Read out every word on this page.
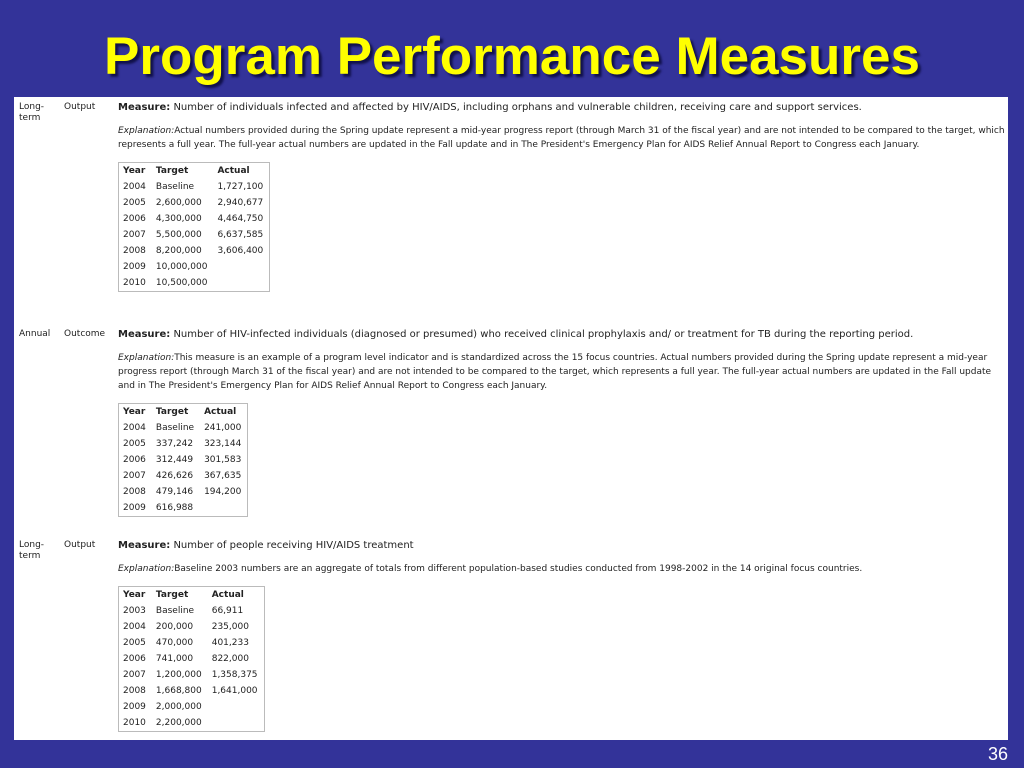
Program Performance Measures
Long-term
Output Measure: Number of individuals infected and affected by HIV/AIDS, including orphans and vulnerable children, receiving care and support services.
Explanation:Actual numbers provided during the Spring update represent a mid-year progress report (through March 31 of the fiscal year) and are not intended to be compared to the target, which represents a full year. The full-year actual numbers are updated in the Fall update and in The President's Emergency Plan for AIDS Relief Annual Report to Congress each January.
Year	Target	Actual
2004	Baseline	1,727,100
2005	2,600,000	2,940,677
2006	4,300,000	4,464,750
2007	5,500,000	6,637,585
2008	8,200,000	3,606,400
2009	10,000,000	
2010	10,500,000	
Annual	Outcome Measure: Number of HIV-infected individuals (diagnosed or presumed) who received clinical prophylaxis and/ or treatment for TB during the reporting period.
Explanation:This measure is an example of a program level indicator and is standardized across the 15 focus countries. Actual numbers provided during the Spring update represent a mid-year progress report (through March 31 of the fiscal year) and are not intended to be compared to the target, which represents a full year. The full-year actual numbers are updated in the Fall update and in The President's Emergency Plan for AIDS Relief Annual Report to Congress each January.
Year	Target	Actual
2004	Baseline	241,000
2005	337,242	323,144
2006	312,449	301,583
2007	426,626	367,635
2008	479,146	194,200
2009	616,988	
Long-term
Output Measure: Number of people receiving HIV/AIDS treatment
Explanation:Baseline 2003 numbers are an aggregate of totals from different population-based studies conducted from 1998-2002 in the 14 original focus countries.
Year	Target	Actual
2003	Baseline	66,911
2004	200,000	235,000
2005	470,000	401,233
2006	741,000	822,000
2007	1,200,000	1,358,375
2008	1,668,800	1,641,000
2009	2,000,000	
2010	2,200,000	
36
